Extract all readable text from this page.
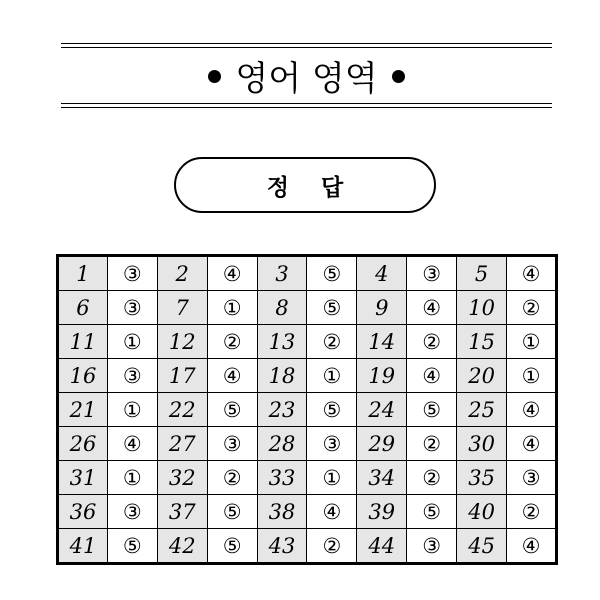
영어 영역
정 답
1	③	2	④	3	⑤	4	③	5	④
6	③	7	①	8	⑤	9	④	10	②
11	①	12	②	13	②	14	②	15	①
16	③	17	④	18	①	19	④	20	①
21	①	22	⑤	23	⑤	24	⑤	25	④
26	④	27	③	28	③	29	②	30	④
31	①	32	②	33	①	34	②	35	③
36	③	37	⑤	38	④	39	⑤	40	②
41	⑤	42	⑤	43	②	44	③	45	④
